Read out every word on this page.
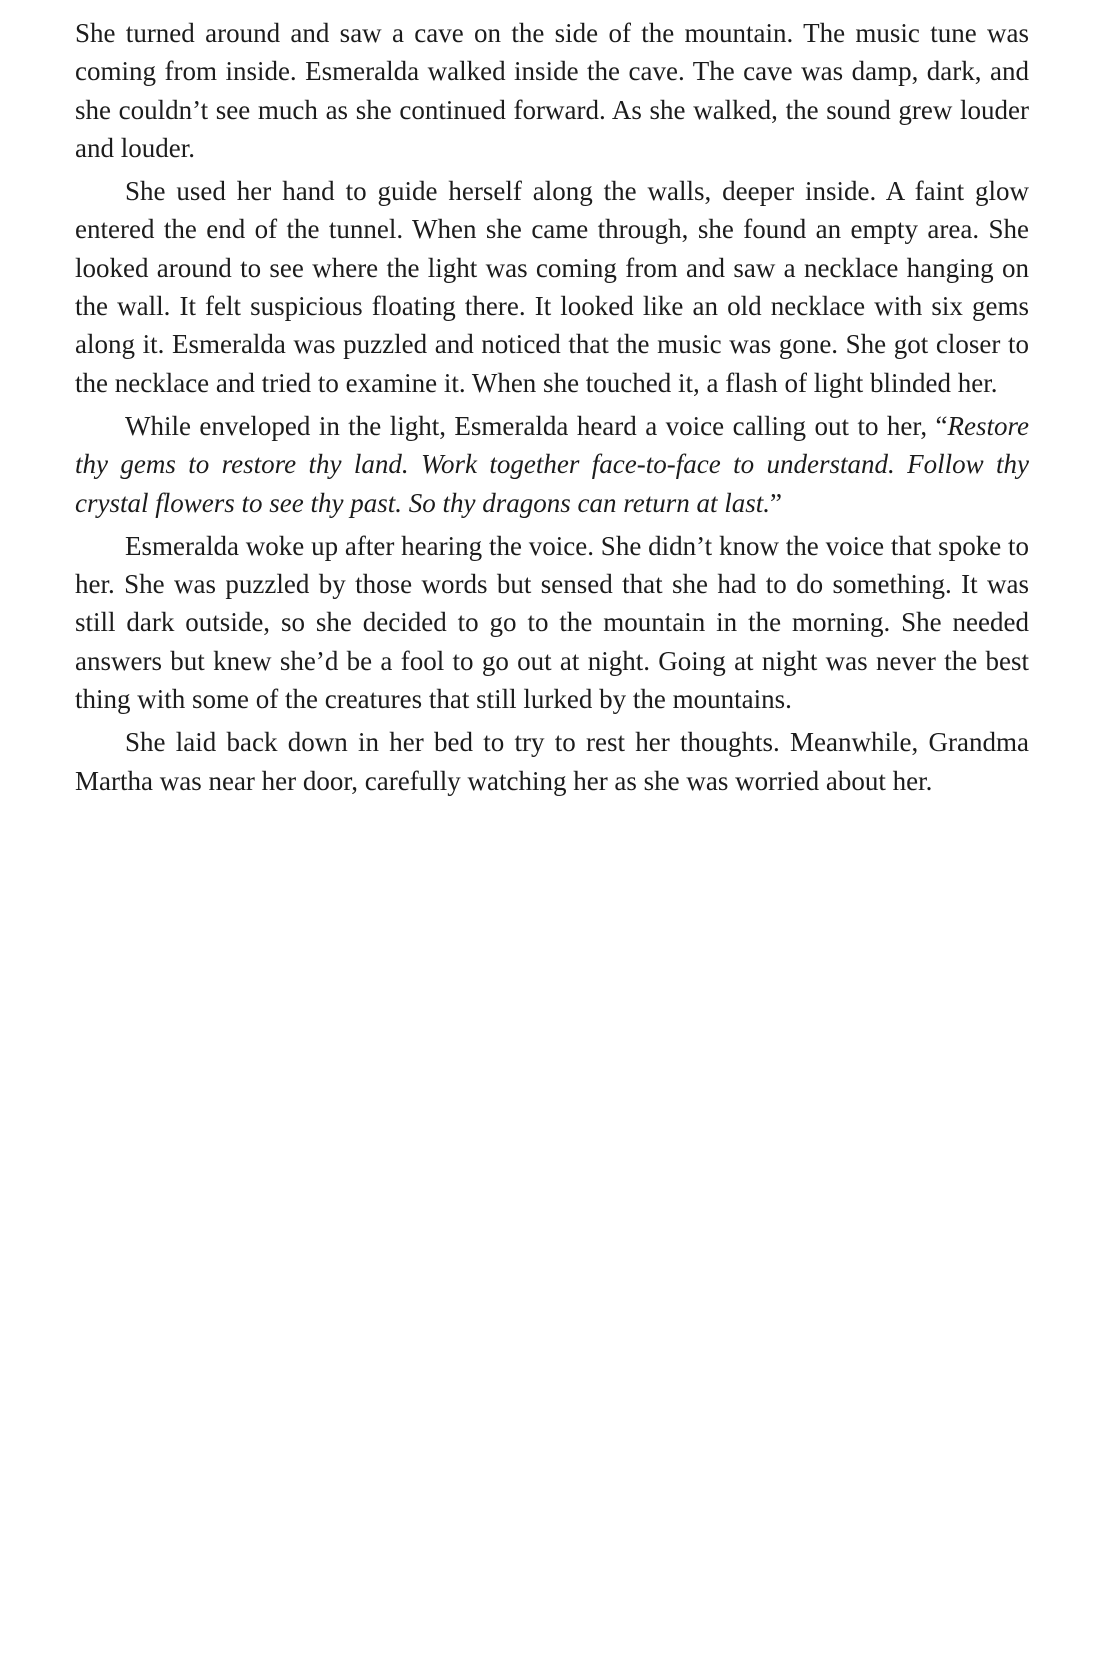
She turned around and saw a cave on the side of the mountain. The music tune was coming from inside. Esmeralda walked inside the cave. The cave was damp, dark, and she couldn’t see much as she continued forward. As she walked, the sound grew louder and louder.

She used her hand to guide herself along the walls, deeper inside. A faint glow entered the end of the tunnel. When she came through, she found an empty area. She looked around to see where the light was coming from and saw a necklace hanging on the wall. It felt suspicious floating there. It looked like an old necklace with six gems along it. Esmeralda was puzzled and noticed that the music was gone. She got closer to the necklace and tried to examine it. When she touched it, a flash of light blinded her.

While enveloped in the light, Esmeralda heard a voice calling out to her, “Restore thy gems to restore thy land. Work together face-to-face to understand. Follow thy crystal flowers to see thy past. So thy dragons can return at last.”

Esmeralda woke up after hearing the voice. She didn’t know the voice that spoke to her. She was puzzled by those words but sensed that she had to do something. It was still dark outside, so she decided to go to the mountain in the morning. She needed answers but knew she’d be a fool to go out at night. Going at night was never the best thing with some of the creatures that still lurked by the mountains.

She laid back down in her bed to try to rest her thoughts. Meanwhile, Grandma Martha was near her door, carefully watching her as she was worried about her.
